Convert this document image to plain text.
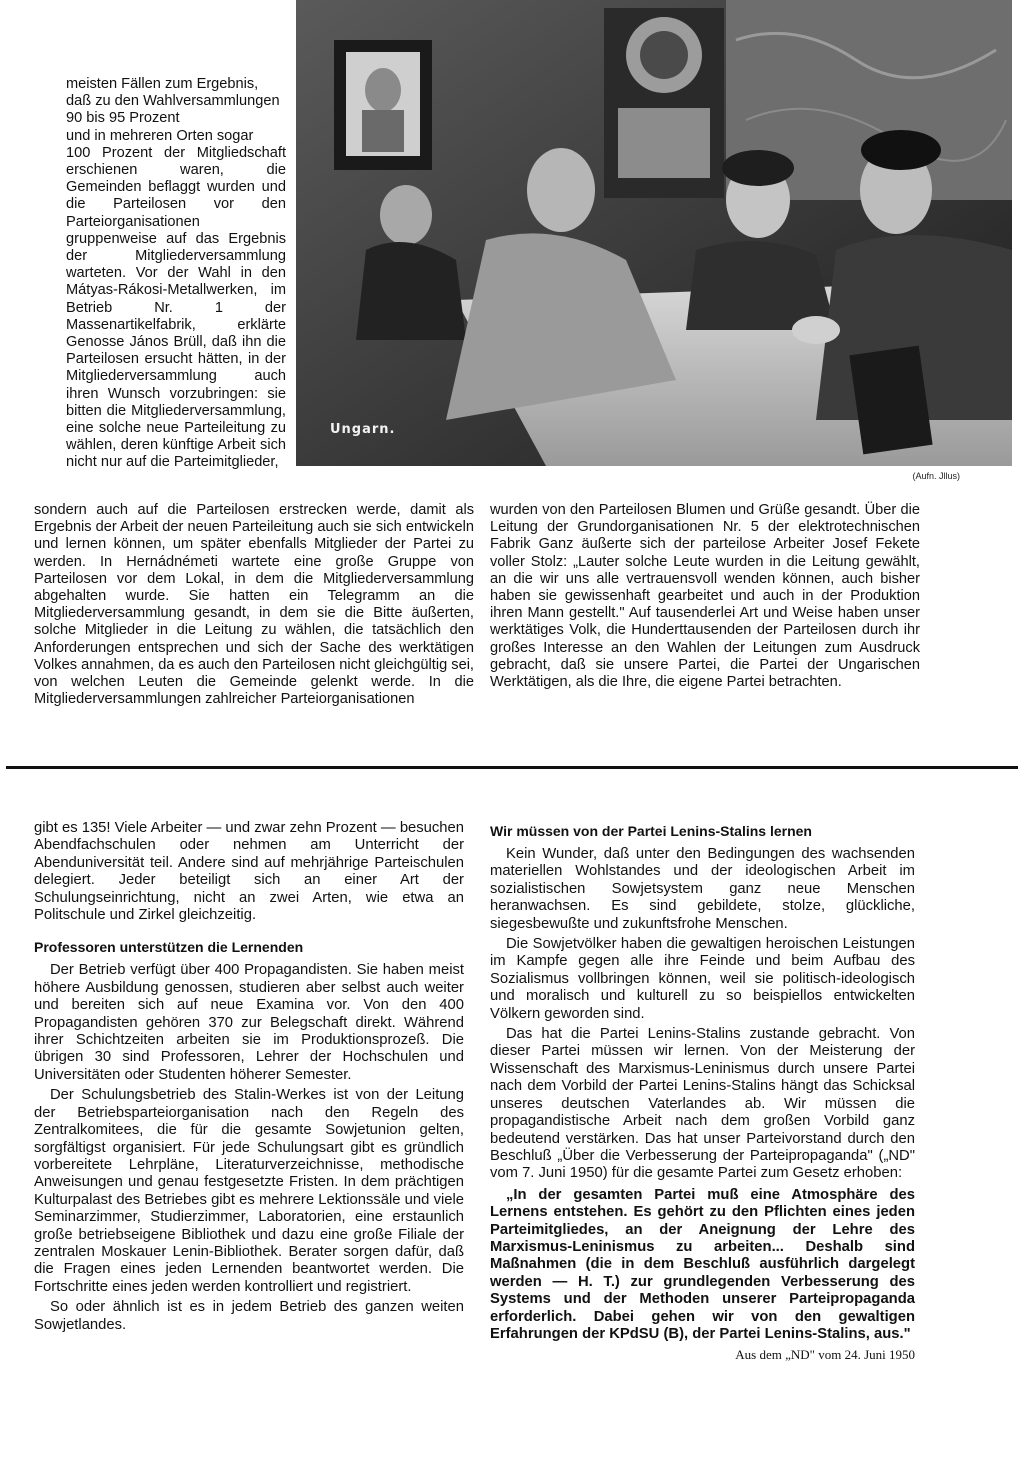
meisten Fällen zum Ergebnis,

daß zu den Wahlversammlungen

90 bis 95 Prozent

und in mehreren Orten sogar

100 Prozent der Mitgliedschaft erschienen waren, die Gemeinden beflaggt wurden und die Parteilosen vor den Parteiorganisationen gruppenweise auf das Ergebnis der Mitgliederversammlung warteten. Vor der Wahl in den Mátyas-Rákosi-Metallwerken, im Betrieb Nr. 1 der Massenartikelfabrik, erklärte Genosse János Brüll, daß ihn die Parteilosen ersucht hätten, in der Mitgliederversammlung auch ihren Wunsch vorzubringen: sie bitten die Mitgliederversammlung, eine solche neue Parteileitung zu wählen, deren künftige Arbeit sich nicht nur auf die Parteimitglieder,

sondern auch auf die Parteilosen erstrecken werde, damit als Ergebnis der Arbeit der neuen Parteileitung auch sie sich entwickeln und lernen können, um später ebenfalls Mitglieder der Partei zu werden. In Hernádnémeti wartete eine große Gruppe von Parteilosen vor dem Lokal, in dem die Mitgliederversammlung abgehalten wurde. Sie hatten ein Telegramm an die Mitgliederversammlung gesandt, in dem sie die Bitte äußerten, solche Mitglieder in die Leitung zu wählen, die tatsächlich den Anforderungen entsprechen und sich der Sache des werktätigen Volkes annahmen, da es auch den Parteilosen nicht gleichgültig sei, von welchen Leuten die Gemeinde gelenkt werde. In die Mitgliederversammlungen zahlreicher Parteiorganisationen

Ungarn.
(Aufn. Jllus)

wurden von den Parteilosen Blumen und Grüße gesandt. Über die Leitung der Grundorganisationen Nr. 5 der elektrotechnischen Fabrik Ganz äußerte sich der parteilose Arbeiter Josef Fekete voller Stolz: „Lauter solche Leute wurden in die Leitung gewählt, an die wir uns alle vertrauensvoll wenden können, auch bisher haben sie gewissenhaft gearbeitet und auch in der Produktion ihren Mann gestellt." Auf tausenderlei Art und Weise haben unser werktätiges Volk, die Hunderttausenden der Parteilosen durch ihr großes Interesse an den Wahlen der Leitungen zum Ausdruck gebracht, daß sie unsere Partei, die Partei der Ungarischen Werktätigen, als die Ihre, die eigene Partei betrachten.

gibt es 135! Viele Arbeiter — und zwar zehn Prozent — besuchen Abendfachschulen oder nehmen am Unterricht der Abenduniversität teil. Andere sind auf mehrjährige Parteischulen delegiert. Jeder beteiligt sich an einer Art der Schulungseinrichtung, nicht an zwei Arten, wie etwa an Politschule und Zirkel gleichzeitig.

Professoren unterstützen die Lernenden

Der Betrieb verfügt über 400 Propagandisten. Sie haben meist höhere Ausbildung genossen, studieren aber selbst auch weiter und bereiten sich auf neue Examina vor. Von den 400 Propagandisten gehören 370 zur Belegschaft direkt. Während ihrer Schichtzeiten arbeiten sie im Produktionsprozeß. Die übrigen 30 sind Professoren, Lehrer der Hochschulen und Universitäten oder Studenten höherer Semester.

Der Schulungsbetrieb des Stalin-Werkes ist von der Leitung der Betriebsparteiorganisation nach den Regeln des Zentralkomitees, die für die gesamte Sowjetunion gelten, sorgfältigst organisiert. Für jede Schulungsart gibt es gründlich vorbereitete Lehrpläne, Literaturverzeichnisse, methodische Anweisungen und genau festgesetzte Fristen. In dem prächtigen Kulturpalast des Betriebes gibt es mehrere Lektionssäle und viele Seminarzimmer, Studierzimmer, Laboratorien, eine erstaunlich große betriebseigene Bibliothek und dazu eine große Filiale der zentralen Moskauer Lenin-Bibliothek. Berater sorgen dafür, daß die Fragen eines jeden Lernenden beantwortet werden. Die Fortschritte eines jeden werden kontrolliert und registriert.

So oder ähnlich ist es in jedem Betrieb des ganzen weiten Sowjetlandes.

Wir müssen von der Partei Lenins-Stalins lernen

Kein Wunder, daß unter den Bedingungen des wachsenden materiellen Wohlstandes und der ideologischen Arbeit im sozialistischen Sowjetsystem ganz neue Menschen heranwachsen. Es sind gebildete, stolze, glückliche, siegesbewußte und zukunftsfrohe Menschen.

Die Sowjetvölker haben die gewaltigen heroischen Leistungen im Kampfe gegen alle ihre Feinde und beim Aufbau des Sozialismus vollbringen können, weil sie politisch-ideologisch und moralisch und kulturell zu so beispiellos entwickelten Völkern geworden sind.

Das hat die Partei Lenins-Stalins zustande gebracht. Von dieser Partei müssen wir lernen. Von der Meisterung der Wissenschaft des Marxismus-Leninismus durch unsere Partei nach dem Vorbild der Partei Lenins-Stalins hängt das Schicksal unseres deutschen Vaterlandes ab. Wir müssen die propagandistische Arbeit nach dem großen Vorbild ganz bedeutend verstärken. Das hat unser Parteivorstand durch den Beschluß „Über die Verbesserung der Parteipropaganda" („ND" vom 7. Juni 1950) für die gesamte Partei zum Gesetz erhoben:

„In der gesamten Partei muß eine Atmosphäre des Lernens entstehen. Es gehört zu den Pflichten eines jeden Parteimitgliedes, an der Aneignung der Lehre des Marxismus-Leninismus zu arbeiten... Deshalb sind Maßnahmen (die in dem Beschluß ausführlich dargelegt werden — H. T.) zur grundlegenden Verbesserung des Systems und der Methoden unserer Parteipropaganda erforderlich. Dabei gehen wir von den gewaltigen Erfahrungen der KPdSU (B), der Partei Lenins-Stalins, aus."

Aus dem „ND" vom 24. Juni 1950
